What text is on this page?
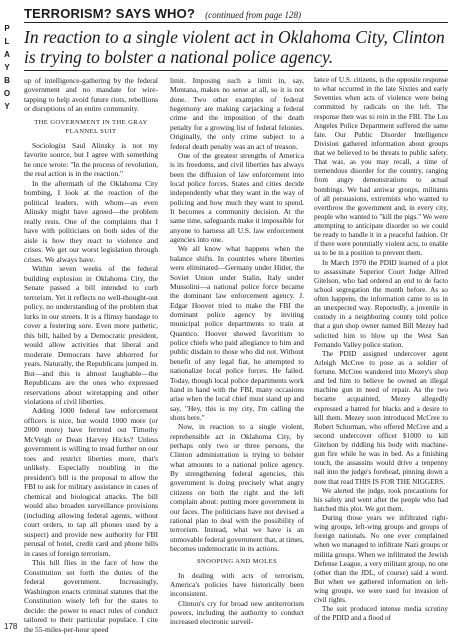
P
L
A
Y
B
O
Y
TERRORISM? SAYS WHO? (continued from page 128)
In reaction to a single violent act in Oklahoma City, Clinton is trying to bolster a national police agency.

up of intelligence-gathering by the federal government and no mandate for wire-tapping to help avoid future riots, rebellions or disruptions of an entire community.

THE GOVERNMENT IN THE GRAY FLANNEL SUIT

Sociologist Saul Alinsky is not my favorite source, but I agree with something he once wrote: "In the process of revolution, the real action is in the reaction."

In the aftermath of the Oklahoma City bombing, I look at the reaction of the political leaders, with whom—as even Alinsky might have agreed—the problem really rests. One of the complaints that I have with politicians on both sides of the aisle is how they react to violence and crises. We get our worst legislation through crises. We always have.

Within seven weeks of the federal building explosion in Oklahoma City, the Senate passed a bill intended to curb terrorism. Yet it reflects no well-thought-out policy, no understanding of the problem that lurks in our streets. It is a flimsy bandage to cover a festering sore. Even more pathetic, this bill, hailed by a Democratic president, would allow activities that liberal and moderate Democrats have abhorred for years. Naturally, the Republicans jumped in. But—and this is almost laughable—the Republicans are the ones who expressed reservations about wiretapping and other violations of civil liberties.

Adding 1000 federal law enforcement officers is nice, but would 1000 more (or 2000 more) have ferreted out Timothy McVeigh or Dean Harvey Hicks? Unless government is willing to tread further on our toes and restrict liberties more, that's unlikely. Especially troubling in the president's bill is the proposal to allow the FBI to ask for military assistance in cases of chemical and biological attacks. The bill would also broaden surveillance provisions (including allowing federal agents, without court orders, to tap all phones used by a suspect) and provide new authority for FBI perusal of hotel, credit card and phone bills in cases of foreign terrorism.

This bill flies in the face of how the Constitution set forth the duties of the federal government. Increasingly, Washington enacts criminal statutes that the Constitution wisely left for the states to decide: the power to enact rules of conduct tailored to their particular populace. I cite the 55-miles-per-hour speed

limit. Imposing such a limit in, say, Montana, makes no sense at all, so it is not done. Two other examples of federal hegemony are making carjacking a federal crime and the imposition of the death penalty for a growing list of federal felonies. Originally, the only crime subject to a federal death penalty was an act of treason.

One of the greatest strengths of America is its freedoms, and civil liberties has always been the diffusion of law enforcement into local police forces. States and cities decide independently what they want in the way of policing and how much they want to spend. It becomes a community decision. At the same time, safeguards make it impossible for anyone to harness all U.S. law enforcement agencies into one.

We all know what happens when the balance shifts. In countries where liberties were eliminated—Germany under Hitler, the Soviet Union under Stalin, Italy under Mussolini—a national police force became the dominant law enforcement agency. J. Edgar Hoover tried to make the FBI the dominant police agency by inviting municipal police departments to train at Quantico. Hoover showed favoritism to police chiefs who paid allegiance to him and public disdain to those who did not. Without benefit of any legal fiat, he attempted to nationalize local police forces. He failed. Today, though local police departments work hand in hand with the FBI, many occasions arise when the local chief must stand up and say, "Hey, this is my city, I'm calling the shots here."

Now, in reaction to a single violent, reprehensible act in Oklahoma City, by perhaps only two or three persons, the Clinton administration is trying to bolster what amounts to a national police agency. By strengthening federal agencies, this government is doing precisely what angry citizens on both the right and the left complain about: putting more government in our faces. The politicians have not devised a rational plan to deal with the possibility of terrorism. Instead, what we have is an unmovable federal government that, at times, becomes undemocratic in its actions.

SNOOPING AND MOLES

In dealing with acts of terrorism, America's policies have historically been inconsistent.

Clinton's cry for broad new antiterrorism powers, including the authority to conduct increased electronic surveil-

lance of U.S. citizens, is the opposite response to what occurred in the late Sixties and early Seventies when acts of violence were being committed by radicals on the left. The response then was to rein in the FBI. The Los Angeles Police Department suffered the same fate. Our Public Disorder Intelligence Division gathered information about groups that we believed to be threats to public safety. That was, as you may recall, a time of tremendous disorder for the country, ranging from angry demonstrations to actual bombings. We had antiwar groups, militants of all persuasions, extremists who wanted to overthrow the government and, in every city, people who wanted to "kill the pigs." We were attempting to anticipate disorder so we could be ready to handle it in a peaceful fashion. Or if there were potentially violent acts, to enable us to be in a position to prevent them.

In March 1970 the PDID learned of a plot to assassinate Superior Court Judge Alfred Gitelson, who had ordered an end to de facto school segregation the month before. As so often happens, the information came to us in an unexpected way. Reportedly, a juvenile in custody in a neighboring county told police that a gun shop owner named Bill Mezey had solicited him to blow up the West San Fernando Valley police station.

The PDID assigned undercover agent Arleigh McCree to pose as a soldier of fortune. McCree wandered into Mezey's shop and led him to believe he owned an illegal machine gun in need of repair. As the two became acquainted, Mezey allegedly expressed a hatred for blacks and a desire to kill them. Mezey soon introduced McCree to Robert Schurman, who offered McCree and a second undercover officer $1000 to kill Gitelson by riddling his body with machine-gun fire while he was in bed. As a finishing touch, the assassins would drive a tenpenny nail into the judge's forehead, pinning down a note that read THIS IS FOR THE NIGGERS.

We alerted the judge, took precautions for his safety and went after the people who had hatched this plot. We got them.

During those years we infiltrated right-wing groups, left-wing groups and groups of foreign nationals. No one ever complained when we managed to infiltrate Nazi groups or militia groups. When we infiltrated the Jewish Defense League, a very militant group, no one (other than the JDL, of course) said a word. But when we gathered information on left-wing groups, we were sued for invasion of civil rights.

The suit produced intense media scrutiny of the PDID and a flood of

178
